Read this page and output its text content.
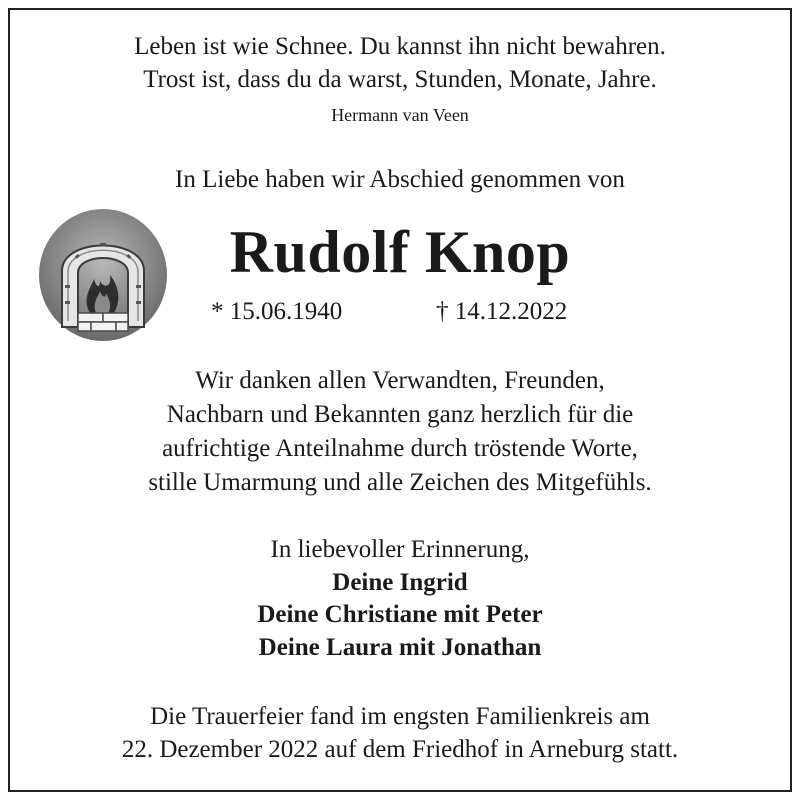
Leben ist wie Schnee. Du kannst ihn nicht bewahren.
Trost ist, dass du da warst, Stunden, Monate, Jahre.
Hermann van Veen
In Liebe haben wir Abschied genommen von
Rudolf Knop
* 15.06.1940	† 14.12.2022
Wir danken allen Verwandten, Freunden,
Nachbarn und Bekannten ganz herzlich für die
aufrichtige Anteilnahme durch tröstende Worte,
stille Umarmung und alle Zeichen des Mitgefühls.
In liebevoller Erinnerung,
Deine Ingrid
Deine Christiane mit Peter
Deine Laura mit Jonathan
Die Trauerfeier fand im engsten Familienkreis am
22. Dezember 2022 auf dem Friedhof in Arneburg statt.
